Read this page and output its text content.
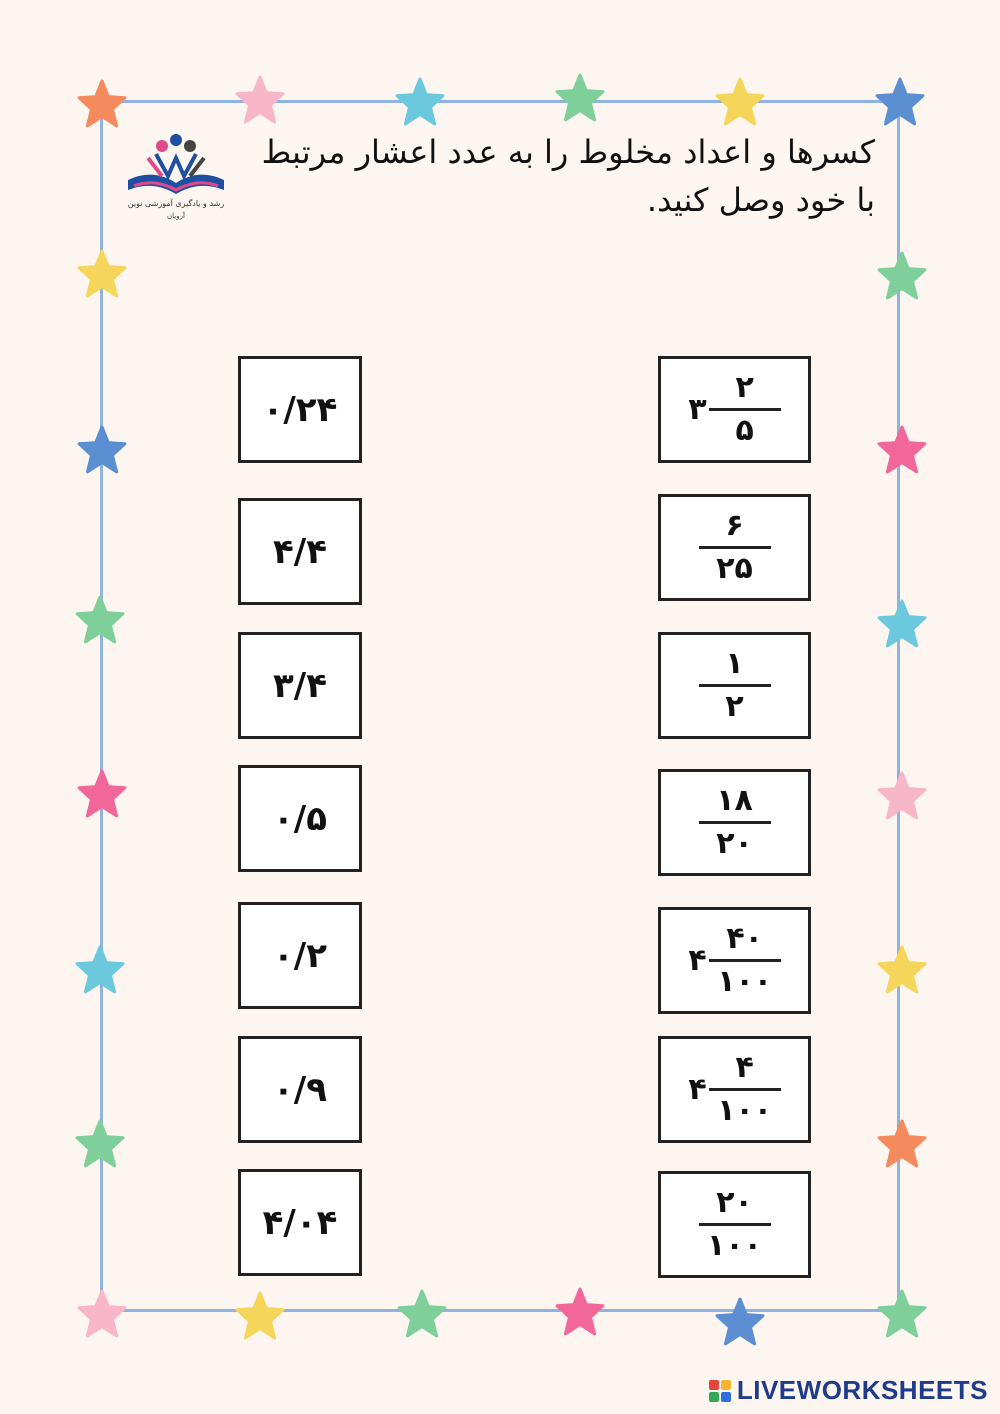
رشد و یادگیری آموزشی نوین
آرویان
کسرها و اعداد مخلوط را به عدد اعشار مرتبط با خود وصل کنید.
۰/۲۴
۴/۴
۳/۴
۰/۵
۰/۲
۰/۹
۴/۰۴
۳ $\frac{۲}{۵}$
$\frac{۶}{۲۵}$
$\frac{۱}{۲}$
$\frac{۱۸}{۲۰}$
۴ $\frac{۴۰}{۱۰۰}$
۴ $\frac{۴}{۱۰۰}$
$\frac{۲۰}{۱۰۰}$
LIVEWORKSHEETS
